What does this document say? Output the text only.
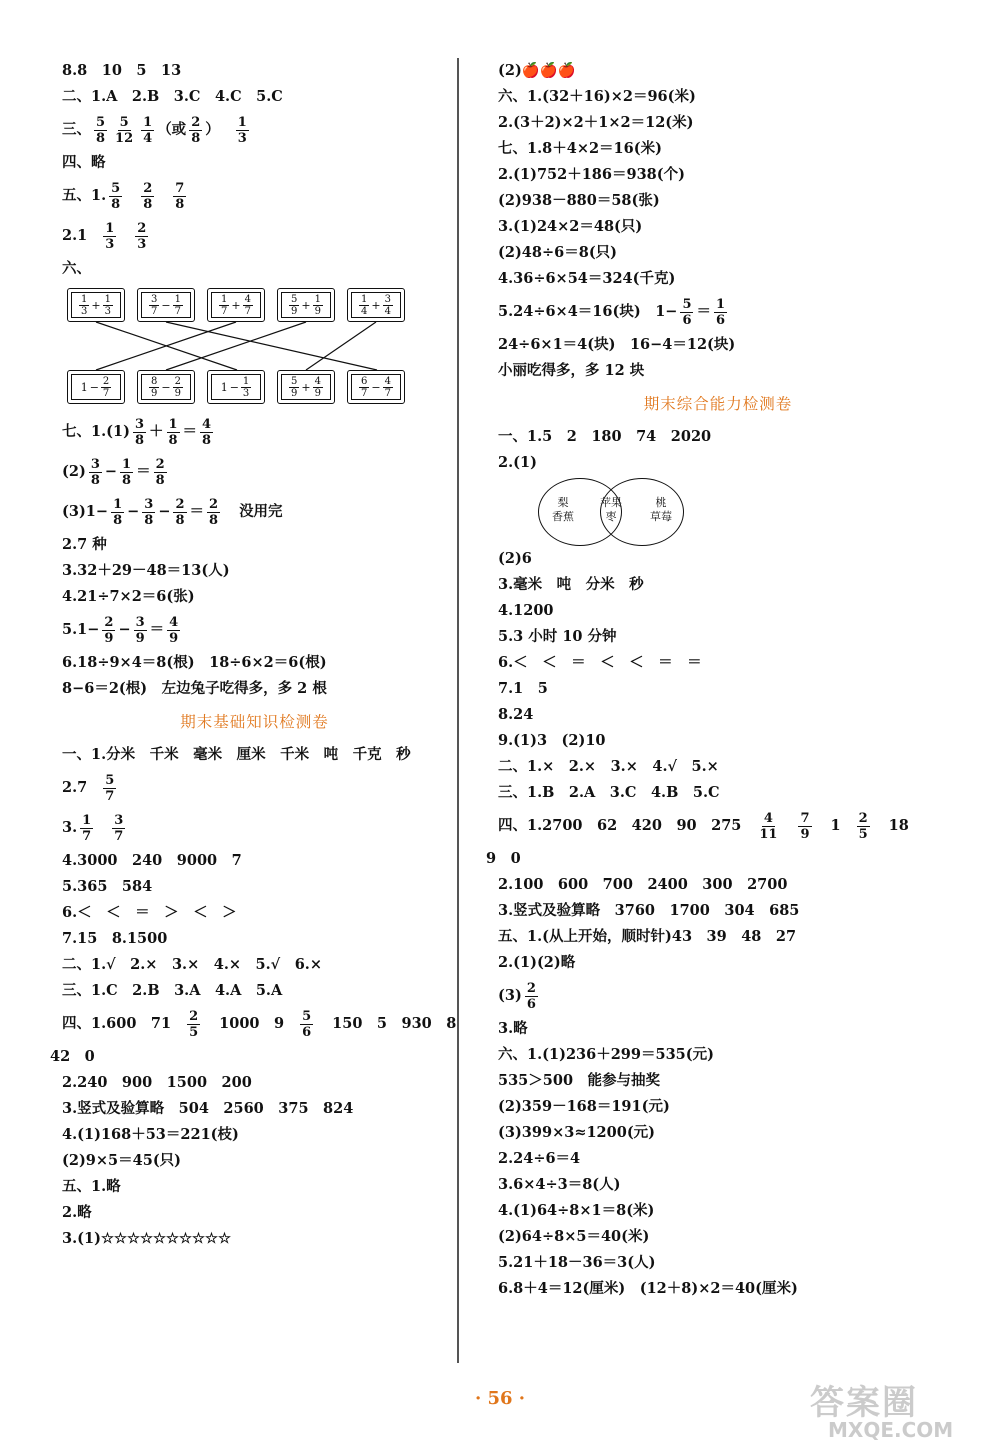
8.8　10　5　13
二、1.A　2.B　3.C　4.C　5.C
三、 $\frac{5}{8} \frac{5}{12} \frac{1}{4}$ （或 $\frac{2}{8}$ ） $\frac{1}{3}$
四、略
五、1. $\frac{5}{8} \frac{2}{8} \frac{7}{8}$
$2.1 \frac{1}{3} \frac{2}{3}$
六、
$\frac{1}{3} + \frac{1}{3}$	$\frac{3}{7} - \frac{1}{7}$	$\frac{1}{7} + \frac{4}{7}$	$\frac{5}{9} + \frac{1}{9}$	$\frac{1}{4} + \frac{3}{4}$
$1 - \frac{2}{7}$	$\frac{8}{9} - \frac{2}{9}$	$1 - \frac{1}{3}$	$\frac{5}{9} + \frac{4}{9}$	$\frac{6}{7} - \frac{4}{7}$
七、$1.(1) \frac{3}{8} + \frac{1}{8} = \frac{4}{8}$
$(2) \frac{3}{8} - \frac{1}{8} = \frac{2}{8}$
$(3)1- \frac{1}{8} - \frac{3}{8} - \frac{2}{8} = \frac{2}{8}$ 没用完
2.7 种
3.32＋29－48＝13(人)
4.21÷7×2＝6(张)
$5.1- \frac{2}{9} - \frac{3}{9} = \frac{4}{9}$
6.18÷9×4＝8(根)　18÷6×2＝6(根)
8−6＝2(根)　左边兔子吃得多，多 2 根
期末基础知识检测卷
一、1.分米　千米　毫米　厘米　千米　吨　千克　秒
$2.7 \frac{5}{7}$
3. $\frac{1}{7} \frac{3}{7}$
4.3000　240　9000　7
5.365　584
6.＜　＜　＝　＞　＜　＞
7.15　8.1500
二、1.√　2.×　3.×　4.×　5.√　6.×
三、1.C　2.B　3.A　4.A　5.A
四、1.600　$71 \frac{2}{5} 1000$　$9 \frac{5}{6} 150$　5　930　8
42　0
2.240　900　1500　200
3.竖式及验算略　504　2560　375　824
4.(1)168＋53＝221(枝)
(2)9×5＝45(只)
五、1.略
2.略
3.(1)☆☆☆☆☆☆☆☆☆☆
(2)🍎🍎🍎
六、1.(32＋16)×2＝96(米)
2.(3＋2)×2＋1×2＝12(米)
七、1.8＋4×2＝16(米)
2.(1)752＋186＝938(个)
(2)938－880＝58(张)
3.(1)24×2＝48(只)
(2)48÷6＝8(只)
4.36÷6×54＝324(千克)
5.24÷6×4＝16(块)　$1- \frac{5}{6} = \frac{1}{6}$
24÷6×1＝4(块)　16−4＝12(块)
小丽吃得多，多 12 块
期末综合能力检测卷
一、1.5　2　180　74　2020
2.(1)
梨
香蕉
苹果
枣
桃
草莓
(2)6
3.毫米　吨　分米　秒
4.1200
5.3 小时 10 分钟
6.＜　＜　＝　＜　＜　＝　＝
7.1　5
8.24
9.(1)3　(2)10
二、1.×　2.×　3.×　4.√　5.×
三、1.B　2.A　3.C　4.B　5.C
四、1.2700　62　420　90　$275 \frac{4}{11} \frac{7}{9} 1 \frac{2}{5} 18$
9　0
2.100　600　700　2400　300　2700
3.竖式及验算略　3760　1700　304　685
五、1.(从上开始，顺时针)43　39　48　27
2.(1)(2)略
$(3) \frac{2}{6}$
3.略
六、1.(1)236＋299＝535(元)
535＞500　能参与抽奖
(2)359－168＝191(元)
(3)399×3≈1200(元)
2.24÷6＝4
3.6×4÷3＝8(人)
4.(1)64÷8×1＝8(米)
(2)64÷8×5＝40(米)
5.21＋18－36＝3(人)
6.8＋4＝12(厘米)　(12＋8)×2＝40(厘米)
· 56 ·	答案圈
MXQE.COM
